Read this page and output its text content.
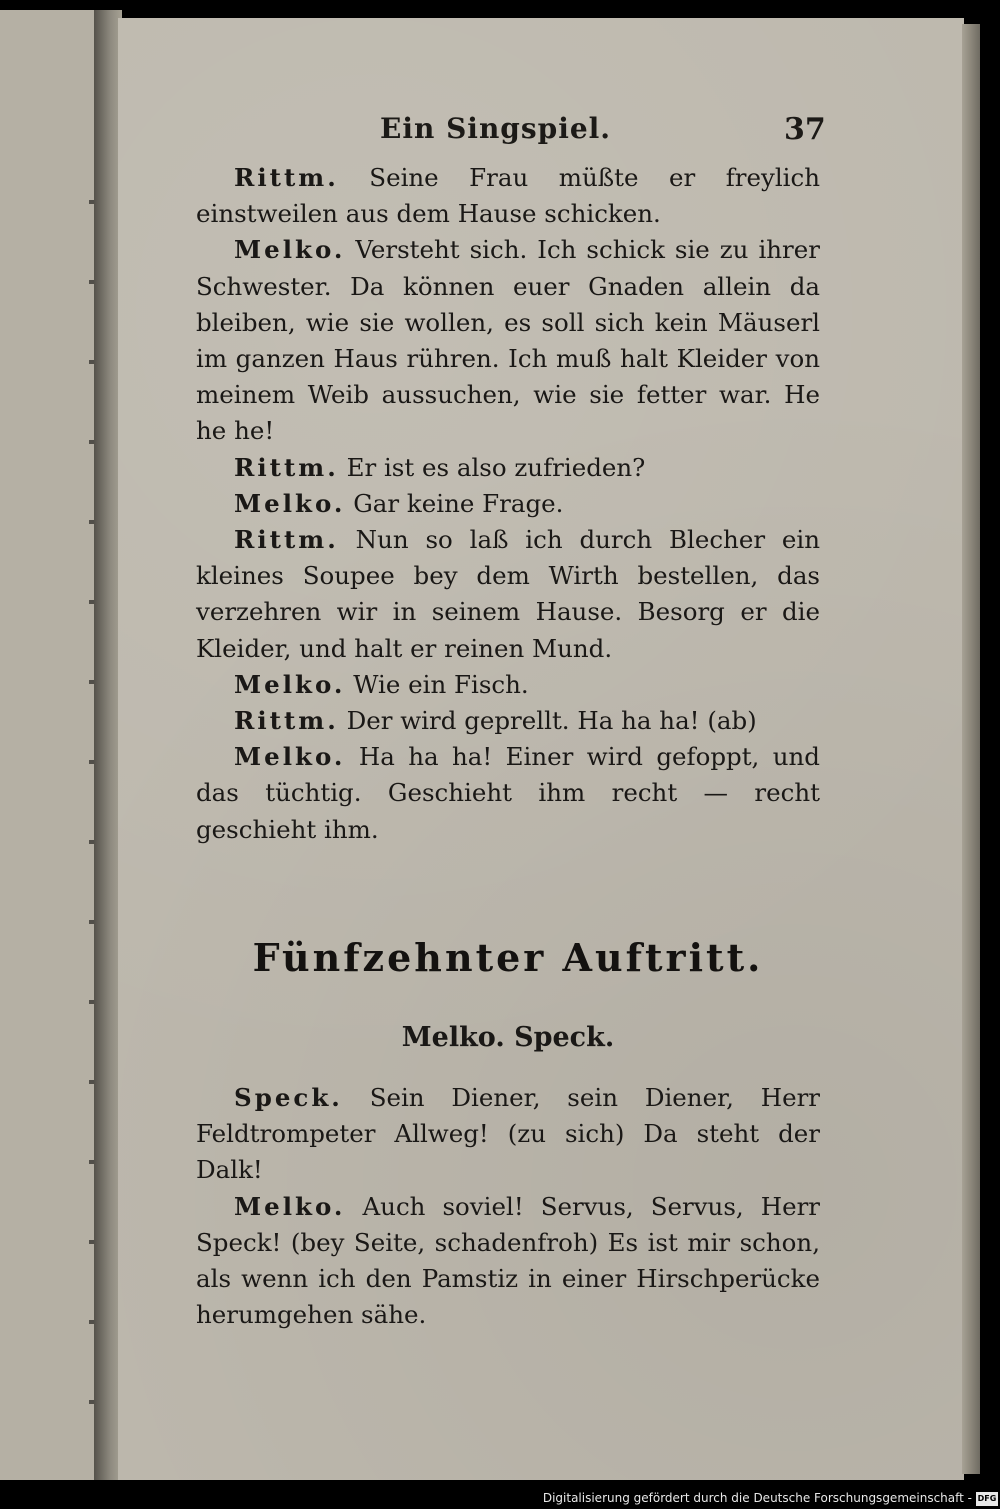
Ein Singspiel.	37

Rittm. Seine Frau müßte er freylich einstweilen aus dem Hause schicken.

Melko. Versteht sich. Ich schick sie zu ihrer Schwester. Da können euer Gnaden allein da bleiben, wie sie wollen, es soll sich kein Mäuserl im ganzen Haus rühren. Ich muß halt Kleider von meinem Weib aussuchen, wie sie fetter war. He he he!

Rittm. Er ist es also zufrieden?

Melko. Gar keine Frage.

Rittm. Nun so laß ich durch Blecher ein kleines Soupee bey dem Wirth bestellen, das verzehren wir in seinem Hause. Besorg er die Kleider, und halt er reinen Mund.

Melko. Wie ein Fisch.

Rittm. Der wird geprellt. Ha ha ha! (ab)

Melko. Ha ha ha! Einer wird gefoppt, und das tüchtig. Geschieht ihm recht — recht geschieht ihm.

Fünfzehnter Auftritt.
Melko. Speck.

Speck. Sein Diener, sein Diener, Herr Feldtrompeter Allweg! (zu sich) Da steht der Dalk!

Melko. Auch soviel! Servus, Servus, Herr Speck! (bey Seite, schadenfroh) Es ist mir schon, als wenn ich den Pamstiz in einer Hirschperücke herumgehen sähe.

Digitalisierung gefördert durch die Deutsche Forschungsgemeinschaft - DFG
